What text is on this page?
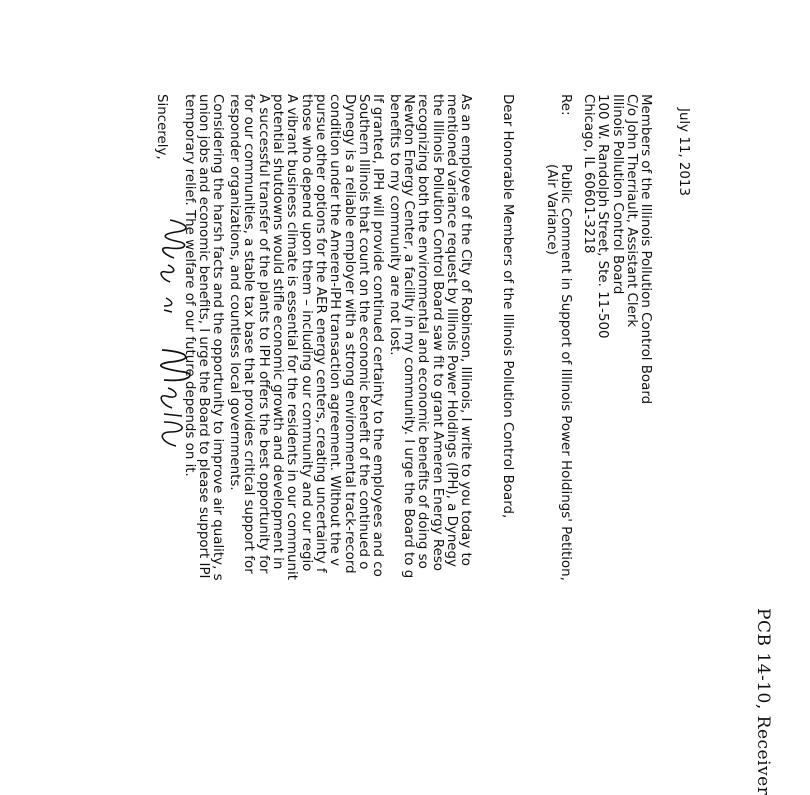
PCB 14-10, Receiver
July 11, 2013
Members of the Illinois Pollution Control Board
C/o John Therriault, Assistant Clerk
Illinois Pollution Control Board
100 W. Randolph Street, Ste. 11-500
Chicago, IL 60601-3218
Re:
Public Comment in Support of Illinois Power Holdings' Petition,
(Air Variance)
Dear Honorable Members of the Illinois Pollution Control Board,
As an employee of the City of Robinson, Illinois, I write to you today to
mentioned variance request by Illinois Power Holdings (IPH), a Dynegy
the Illinois Pollution Control Board saw fit to grant Ameren Energy Reso
recognizing both the environmental and economic benefits of doing so
Newton Energy Center, a facility in my community. I urge the Board to g
benefits to my community are not lost.
If granted, IPH will provide continued certainty to the employees and co
Southern Illinois that count on the economic benefit of the continued o
Dynegy is a reliable employer with a strong environmental track-record
condition under the Ameren-IPH transaction agreement. Without the v
pursue other options for the AER energy centers, creating uncertainty f
those who depend upon them – including our community and our regio
A vibrant business climate is essential for the residents in our communit
potential shutdowns would stifle economic growth and development in
A successful transfer of the plants to IPH offers the best opportunity for
for our communities, a stable tax base that provides critical support for
responder organizations, and countless local governments.
Considering the harsh facts and the opportunity to improve air quality, s
union jobs and economic benefits, I urge the Board to please support IPI
temporary relief. The welfare of our future depends on it.
Sincerely,
